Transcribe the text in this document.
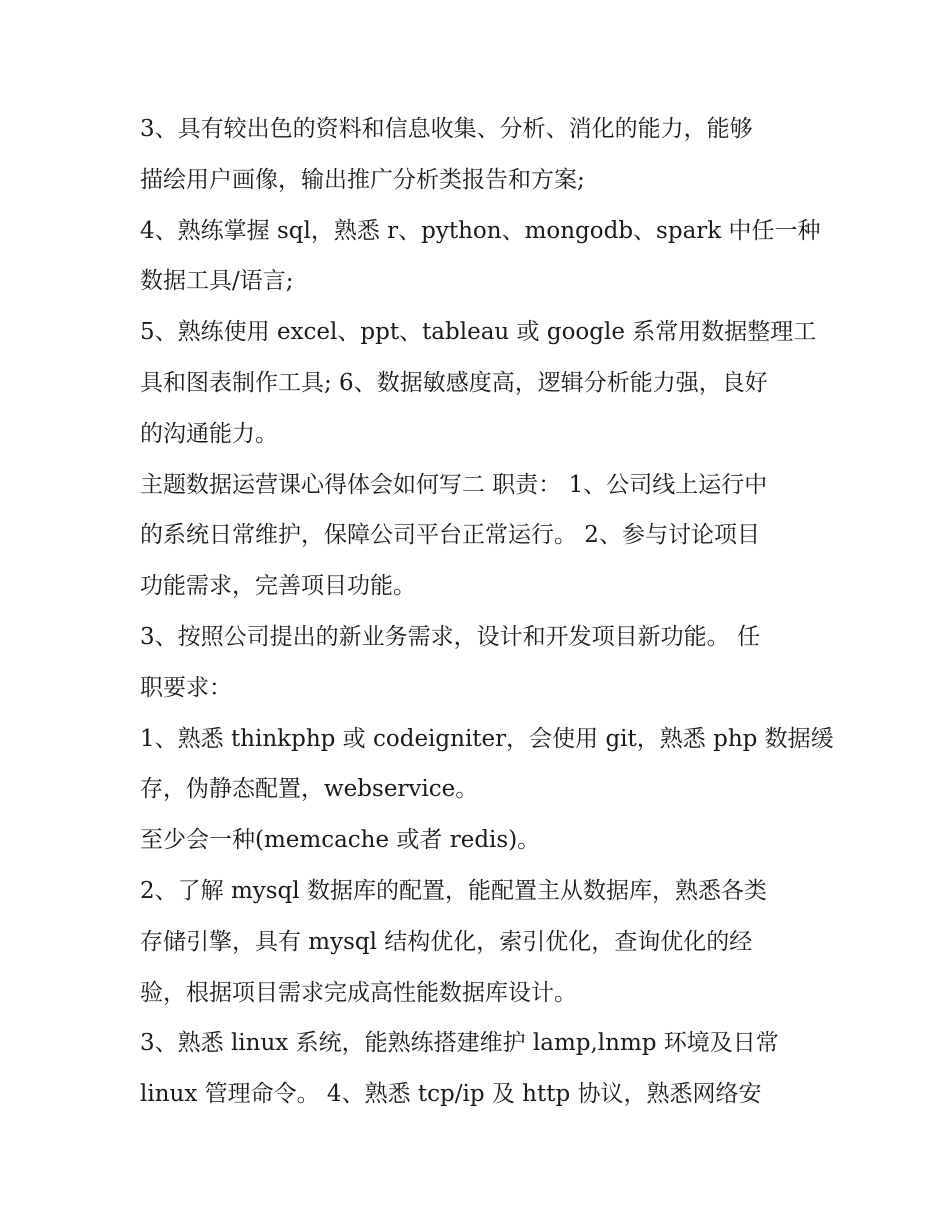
3、具有较出色的资料和信息收集、分析、消化的能力，能够
描绘用户画像，输出推广分析类报告和方案;

4、熟练掌握 sql，熟悉 r、python、mongodb、spark 中任一种
数据工具/语言;

5、熟练使用 excel、ppt、tableau 或 google 系常用数据整理工
具和图表制作工具; 6、数据敏感度高，逻辑分析能力强，良好
的沟通能力。

主题数据运营课心得体会如何写二 职责： 1、公司线上运行中
的系统日常维护，保障公司平台正常运行。 2、参与讨论项目
功能需求，完善项目功能。

3、按照公司提出的新业务需求，设计和开发项目新功能。 任
职要求：

1、熟悉 thinkphp 或 codeigniter，会使用 git，熟悉 php 数据缓
存，伪静态配置，webservice。

至少会一种(memcache 或者 redis)。

2、了解 mysql 数据库的配置，能配置主从数据库，熟悉各类
存储引擎，具有 mysql 结构优化，索引优化，查询优化的经
验，根据项目需求完成高性能数据库设计。

3、熟悉 linux 系统，能熟练搭建维护 lamp,lnmp 环境及日常
linux 管理命令。 4、熟悉 tcp/ip 及 http 协议，熟悉网络安
